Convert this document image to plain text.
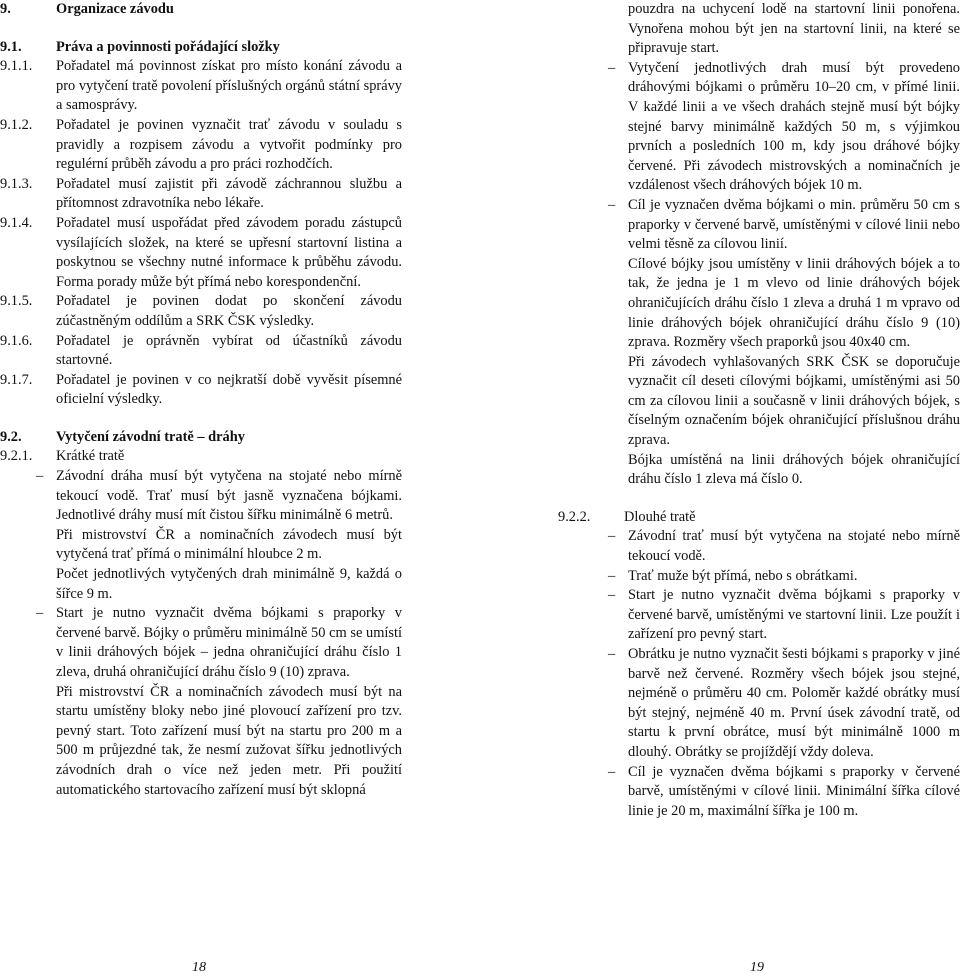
9.	Organizace závodu
9.1.	Práva a povinnosti pořádající složky
9.1.1.	Pořadatel má povinnost získat pro místo konání závodu a pro vytyčení tratě povolení příslušných orgánů státní správy a samosprávy.
9.1.2.	Pořadatel je povinen vyznačit trať závodu v souladu s pravidly a rozpisem závodu a vytvořit podmínky pro regulérní průběh závodu a pro práci rozhodčích.
9.1.3.	Pořadatel musí zajistit při závodě záchrannou službu a přítomnost zdravotníka nebo lékaře.
9.1.4.	Pořadatel musí uspořádat před závodem poradu zástupců vysílajících složek, na které se upřesní startovní listina a poskytnou se všechny nutné informace k průběhu závodu. Forma porady může být přímá nebo korespondenční.
9.1.5.	Pořadatel je povinen dodat po skončení závodu zúčastněným oddílům a SRK ČSK výsledky.
9.1.6.	Pořadatel je oprávněn vybírat od účastníků závodu startovné.
9.1.7.	Pořadatel je povinen v co nejkratší době vyvěsit písemné oficielní výsledky.
9.2.	Vytyčení závodní tratě – dráhy
9.2.1.	Krátké tratě
– Závodní dráha musí být vytyčena na stojaté nebo mírně tekoucí vodě. Trať musí být jasně vyznačena bójkami. Jednotlivé dráhy musí mít čistou šířku minimálně 6 metrů.
Při mistrovství ČR a nominačních závodech musí být vytyčená trať přímá o minimální hloubce 2 m.
Počet jednotlivých vytyčených drah minimálně 9, každá o šířce 9 m.
– Start je nutno vyznačit dvěma bójkami s praporky v červené barvě. Bójky o průměru minimálně 50 cm se umístí v linii dráhových bójek – jedna ohraničující dráhu číslo 1 zleva, druhá ohraničující dráhu číslo 9 (10) zprava.
Při mistrovství ČR a nominačních závodech musí být na startu umístěny bloky nebo jiné plovoucí zařízení pro tzv. pevný start. Toto zařízení musí být na startu pro 200 m a 500 m průjezdné tak, že nesmí zužovat šířku jednotlivých závodních drah o více než jeden metr. Při použití automatického startovacího zařízení musí být sklopná
pouzdra na uchycení lodě na startovní linii ponořena. Vynořena mohou být jen na startovní linii, na které se připravuje start.
– Vytyčení jednotlivých drah musí být provedeno dráhovými bójkami o průměru 10–20 cm, v přímé linii. V každé linii a ve všech drahách stejně musí být bójky stejné barvy minimálně každých 50 m, s výjimkou prvních a posledních 100 m, kdy jsou dráhové bójky červené. Při závodech mistrovských a nominačních je vzdálenost všech dráhových bójek 10 m.
– Cíl je vyznačen dvěma bójkami o min. průměru 50 cm s praporky v červené barvě, umístěnými v cílové linii nebo velmi těsně za cílovou linií.
Cílové bójky jsou umístěny v linii dráhových bójek a to tak, že jedna je 1 m vlevo od linie dráhových bójek ohraničujících dráhu číslo 1 zleva a druhá 1 m vpravo od linie dráhových bójek ohraničující dráhu číslo 9 (10) zprava. Rozměry všech praporků jsou 40x40 cm.
Při závodech vyhlašovaných SRK ČSK se doporučuje vyznačit cíl deseti cílovými bójkami, umístěnými asi 50 cm za cílovou linii a současně v linii dráhových bójek, s číselným označením bójek ohraničující příslušnou dráhu zprava.
Bójka umístěná na linii dráhových bójek ohraničující dráhu číslo 1 zleva má číslo 0.
9.2.2.	Dlouhé tratě
– Závodní trať musí být vytyčena na stojaté nebo mírně tekoucí vodě.
– Trať muže být přímá, nebo s obrátkami.
– Start je nutno vyznačit dvěma bójkami s praporky v červené barvě, umístěnými ve startovní linii. Lze použít i zařízení pro pevný start.
– Obrátku je nutno vyznačit šesti bójkami s praporky v jiné barvě než červené. Rozměry všech bójek jsou stejné, nejméně o průměru 40 cm. Poloměr každé obrátky musí být stejný, nejméně 40 m. První úsek závodní tratě, od startu k první obrátce, musí být minimálně 1000 m dlouhý. Obrátky se projíždějí vždy doleva.
– Cíl je vyznačen dvěma bójkami s praporky v červené barvě, umístěnými v cílové linii. Minimální šířka cílové linie je 20 m, maximální šířka je 100 m.
18	19
